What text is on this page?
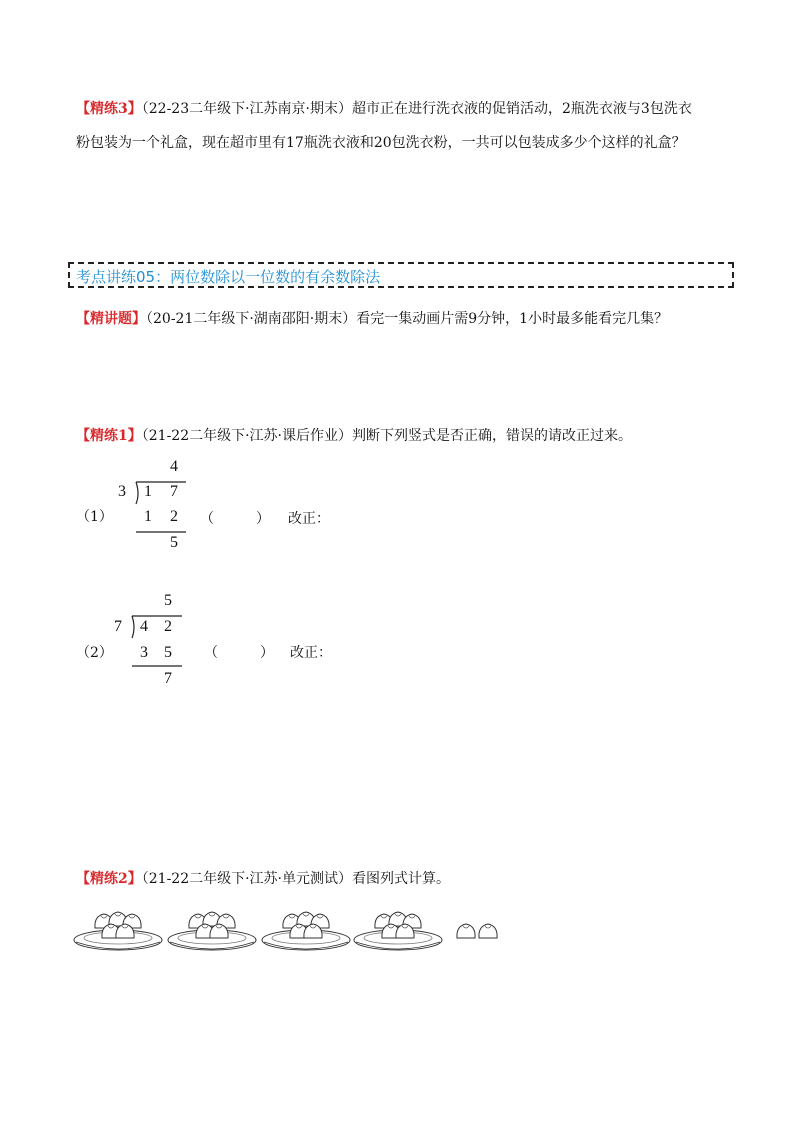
【精练3】（22-23二年级下·江苏南京·期末）超市正在进行洗衣液的促销活动，2瓶洗衣液与3包洗衣
粉包装为一个礼盒，现在超市里有17瓶洗衣液和20包洗衣粉，一共可以包装成多少个这样的礼盒？
考点讲练05：两位数除以一位数的有余数除法
【精讲题】（20-21二年级下·湖南邵阳·期末）看完一集动画片需9分钟，1小时最多能看完几集？
【精练1】（21-22二年级下·江苏·课后作业）判断下列竖式是否正确，错误的请改正过来。
（1）
4
3 1 7
1 2
5
（　　　） 改正：
（2）
5
7 4 2
3 5
7
（　　　） 改正：
【精练2】（21-22二年级下·江苏·单元测试）看图列式计算。
